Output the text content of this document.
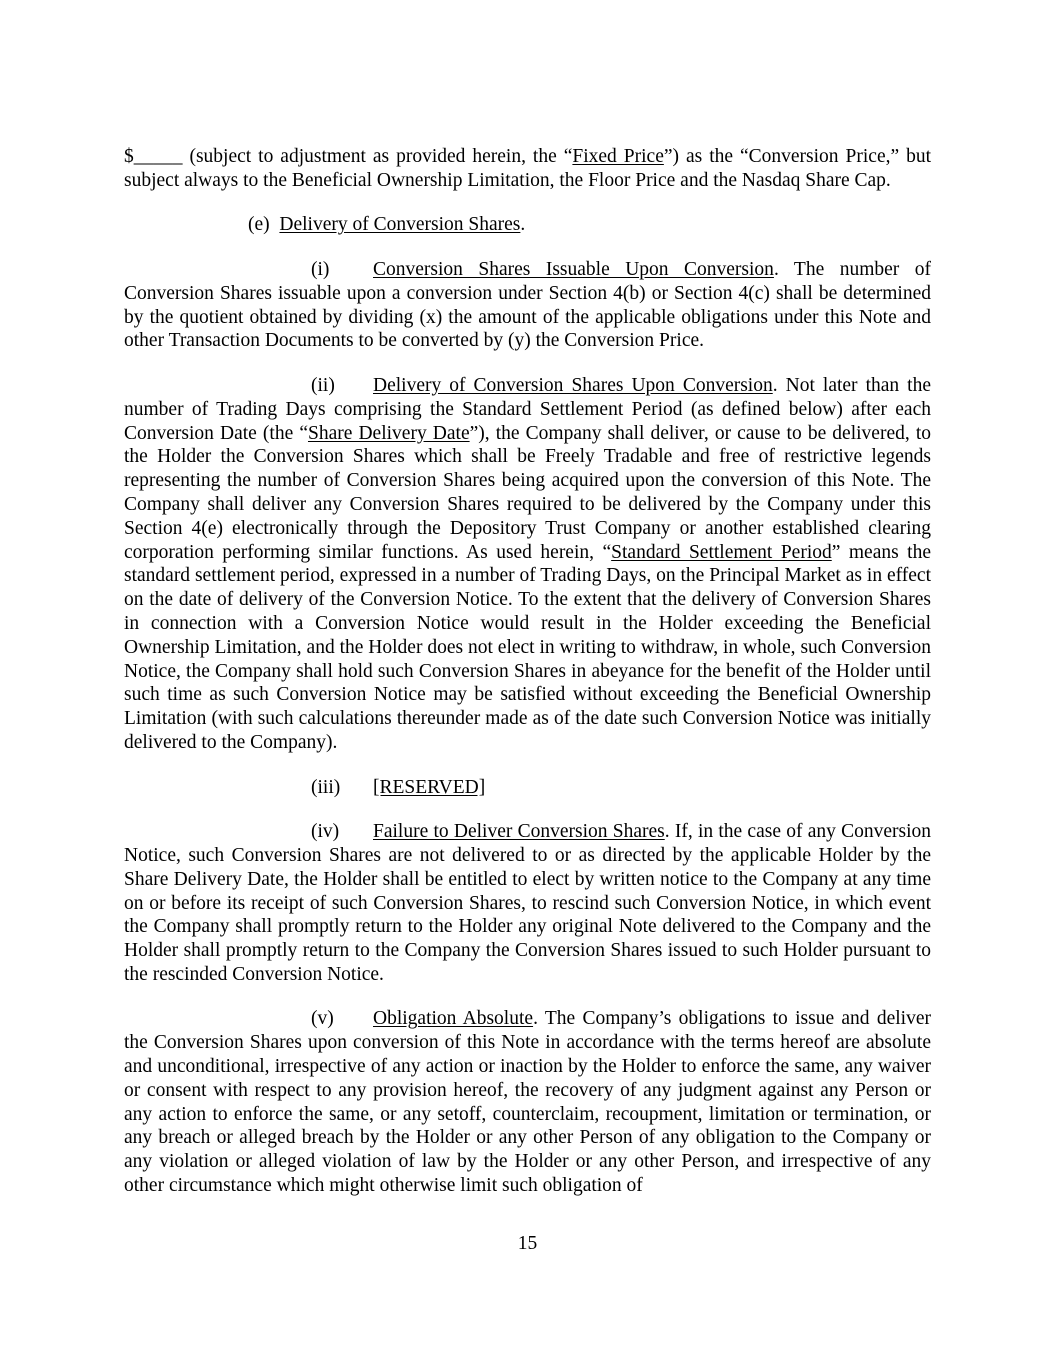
$_____ (subject to adjustment as provided herein, the “Fixed Price”) as the “Conversion Price,” but subject always to the Beneficial Ownership Limitation, the Floor Price and the Nasdaq Share Cap.

(e) Delivery of Conversion Shares.

(i) Conversion Shares Issuable Upon Conversion. The number of Conversion Shares issuable upon a conversion under Section 4(b) or Section 4(c) shall be determined by the quotient obtained by dividing (x) the amount of the applicable obligations under this Note and other Transaction Documents to be converted by (y) the Conversion Price.

(ii) Delivery of Conversion Shares Upon Conversion. Not later than the number of Trading Days comprising the Standard Settlement Period (as defined below) after each Conversion Date (the “Share Delivery Date”), the Company shall deliver, or cause to be delivered, to the Holder the Conversion Shares which shall be Freely Tradable and free of restrictive legends representing the number of Conversion Shares being acquired upon the conversion of this Note. The Company shall deliver any Conversion Shares required to be delivered by the Company under this Section 4(e) electronically through the Depository Trust Company or another established clearing corporation performing similar functions. As used herein, “Standard Settlement Period” means the standard settlement period, expressed in a number of Trading Days, on the Principal Market as in effect on the date of delivery of the Conversion Notice. To the extent that the delivery of Conversion Shares in connection with a Conversion Notice would result in the Holder exceeding the Beneficial Ownership Limitation, and the Holder does not elect in writing to withdraw, in whole, such Conversion Notice, the Company shall hold such Conversion Shares in abeyance for the benefit of the Holder until such time as such Conversion Notice may be satisfied without exceeding the Beneficial Ownership Limitation (with such calculations thereunder made as of the date such Conversion Notice was initially delivered to the Company).

(iii) [RESERVED]

(iv) Failure to Deliver Conversion Shares. If, in the case of any Conversion Notice, such Conversion Shares are not delivered to or as directed by the applicable Holder by the Share Delivery Date, the Holder shall be entitled to elect by written notice to the Company at any time on or before its receipt of such Conversion Shares, to rescind such Conversion Notice, in which event the Company shall promptly return to the Holder any original Note delivered to the Company and the Holder shall promptly return to the Company the Conversion Shares issued to such Holder pursuant to the rescinded Conversion Notice.

(v) Obligation Absolute. The Company’s obligations to issue and deliver the Conversion Shares upon conversion of this Note in accordance with the terms hereof are absolute and unconditional, irrespective of any action or inaction by the Holder to enforce the same, any waiver or consent with respect to any provision hereof, the recovery of any judgment against any Person or any action to enforce the same, or any setoff, counterclaim, recoupment, limitation or termination, or any breach or alleged breach by the Holder or any other Person of any obligation to the Company or any violation or alleged violation of law by the Holder or any other Person, and irrespective of any other circumstance which might otherwise limit such obligation of

15
